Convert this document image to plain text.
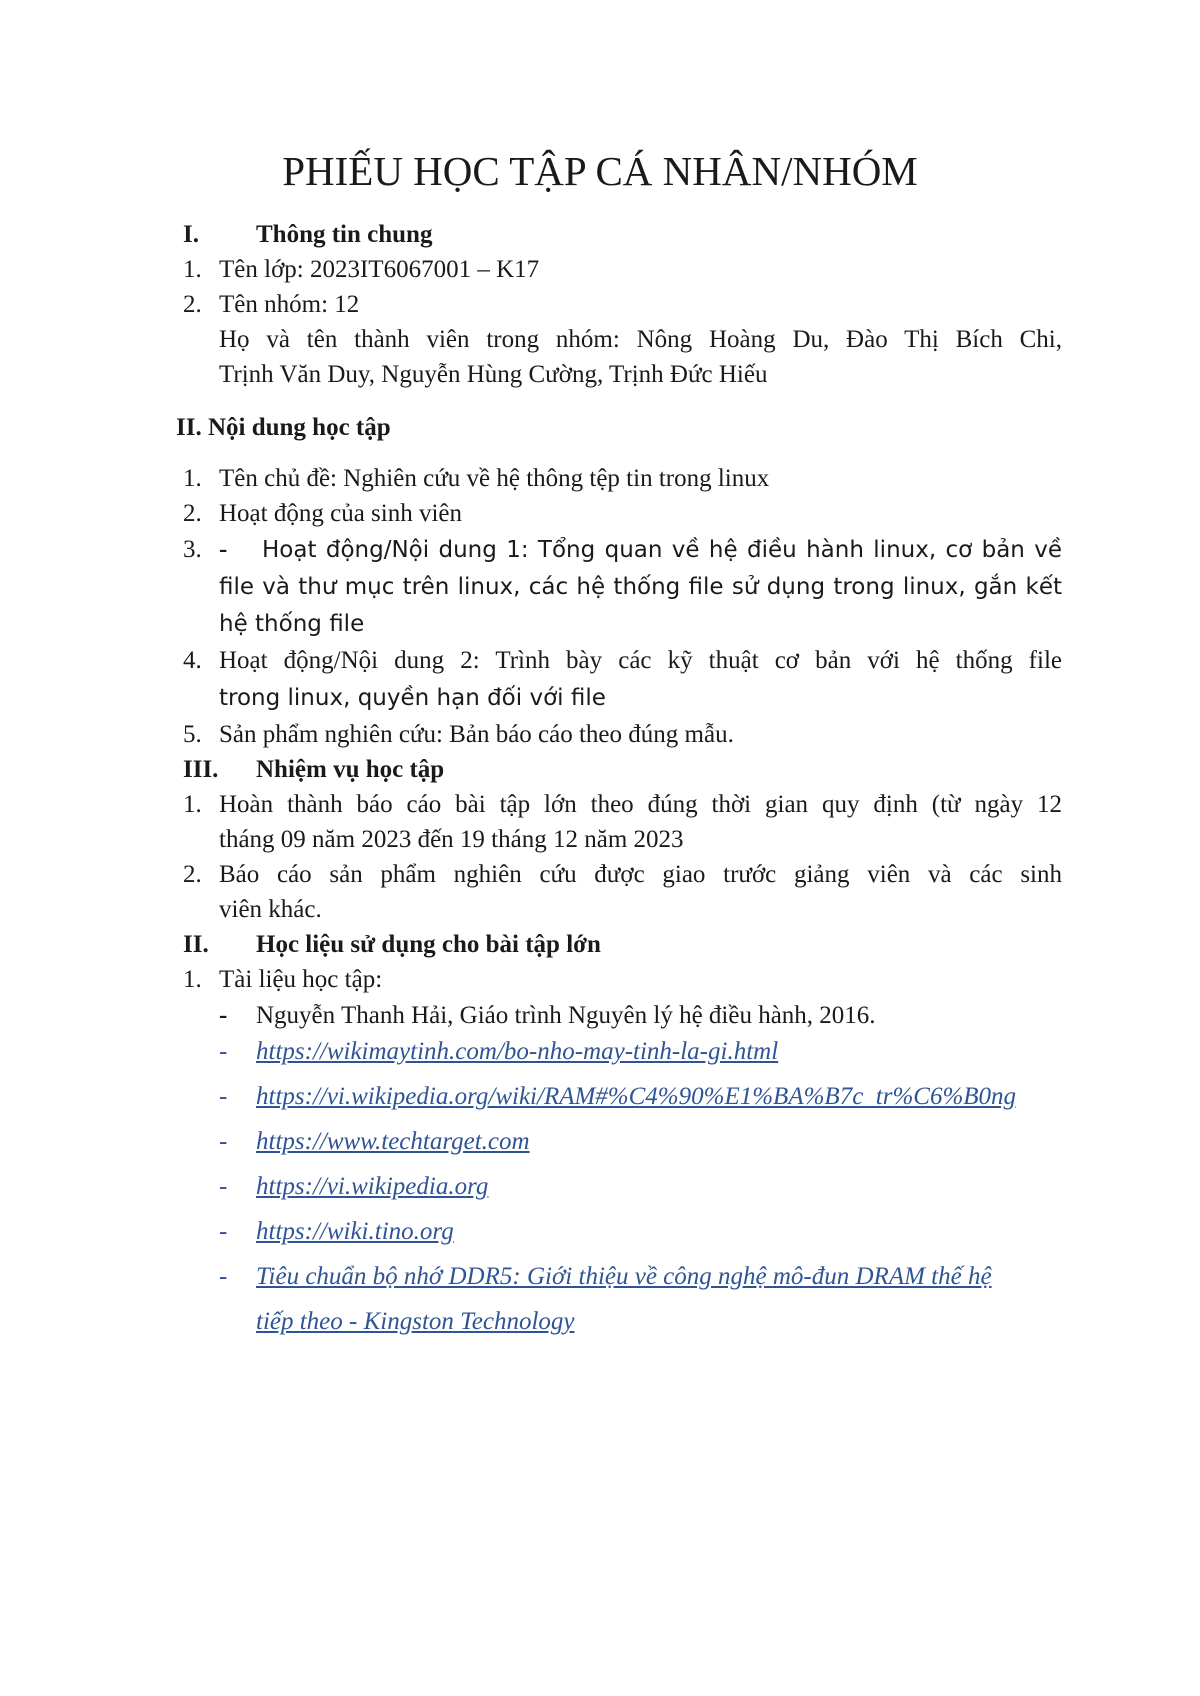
PHIẾU HỌC TẬP CÁ NHÂN/NHÓM
I. Thông tin chung
1. Tên lớp: 2023IT6067001 – K17
2. Tên nhóm: 12
Họ và tên thành viên trong nhóm: Nông Hoàng Du, Đào Thị Bích Chi,
Trịnh Văn Duy, Nguyễn Hùng Cường, Trịnh Đức Hiếu
II. Nội dung học tập
1. Tên chủ đề: Nghiên cứu về hệ thông tệp tin trong linux
2. Hoạt động của sinh viên
3. - Hoạt động/Nội dung 1: Tổng quan về hệ điều hành linux, cơ bản về
file và thư mục trên linux, các hệ thống file sử dụng trong linux, gắn kết
hệ thống file
4. Hoạt động/Nội dung 2: Trình bày các kỹ thuật cơ bản với hệ thống file
trong linux, quyền hạn đối với file
5. Sản phẩm nghiên cứu: Bản báo cáo theo đúng mẫu.
III. Nhiệm vụ học tập
1. Hoàn thành báo cáo bài tập lớn theo đúng thời gian quy định (từ ngày 12
tháng 09 năm 2023 đến 19 tháng 12 năm 2023
2. Báo cáo sản phẩm nghiên cứu được giao trước giảng viên và các sinh
viên khác.
II. Học liệu sử dụng cho bài tập lớn
1. Tài liệu học tập:
- Nguyễn Thanh Hải, Giáo trình Nguyên lý hệ điều hành, 2016.
- https://wikimaytinh.com/bo-nho-may-tinh-la-gi.html
- https://vi.wikipedia.org/wiki/RAM#%C4%90%E1%BA%B7c_tr%C6%B0ng
- https://www.techtarget.com
- https://vi.wikipedia.org
- https://wiki.tino.org
- Tiêu chuẩn bộ nhớ DDR5: Giới thiệu về công nghệ mô-đun DRAM thế hệ
tiếp theo - Kingston Technology
